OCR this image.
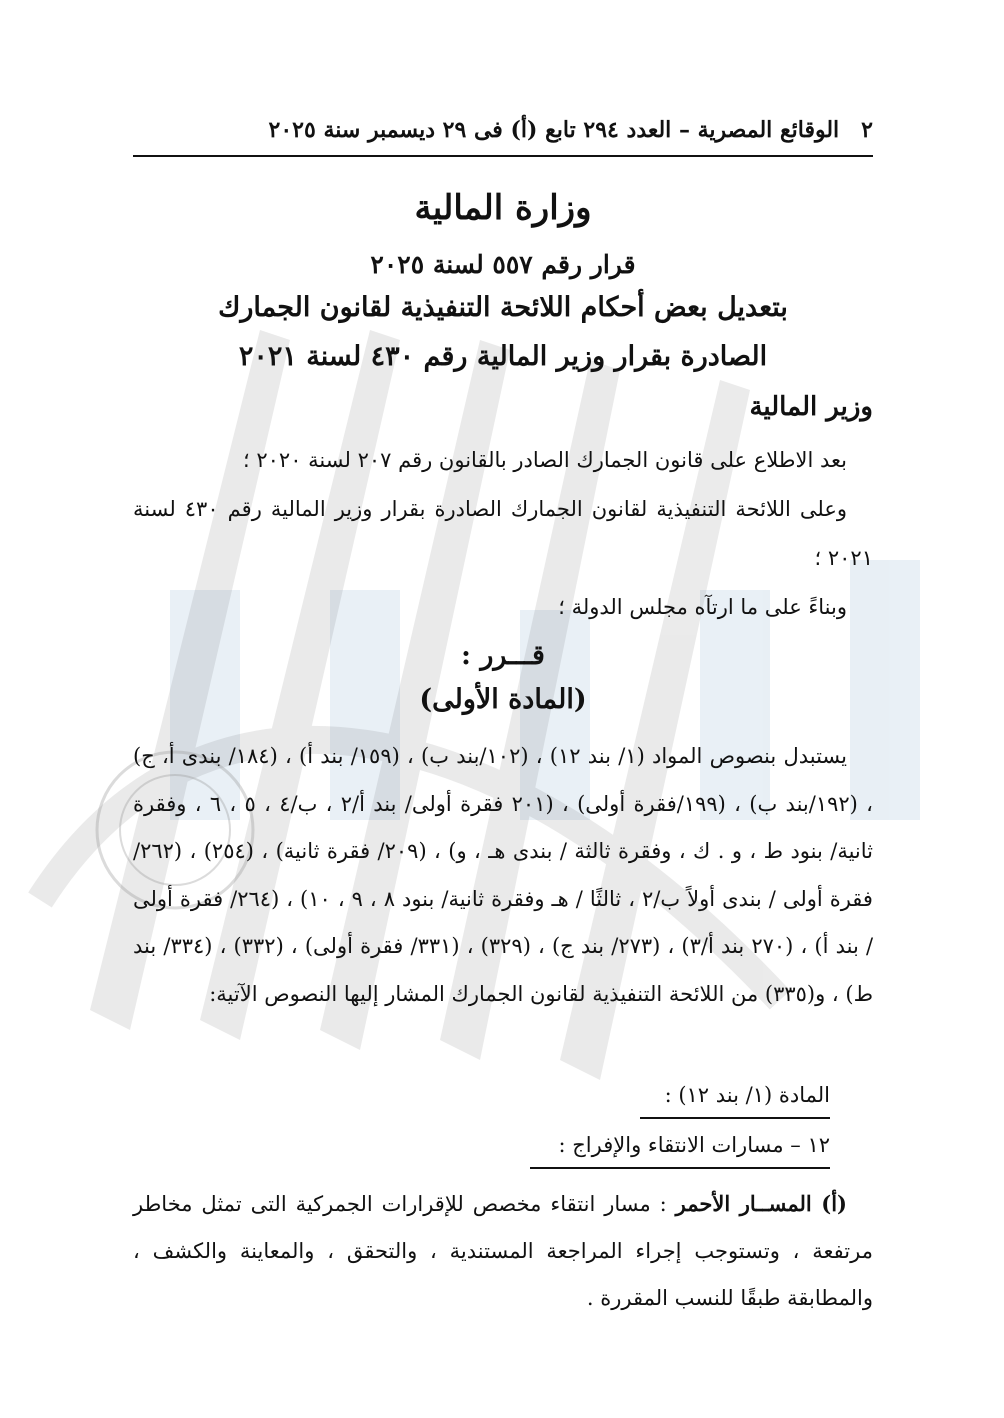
٢
الوقائع المصرية – العدد ٢٩٤ تابع (أ) فى ٢٩ ديسمبر سنة ٢٠٢٥
وزارة المالية
قرار رقم ٥٥٧ لسنة ٢٠٢٥
بتعديل بعض أحكام اللائحة التنفيذية لقانون الجمارك
الصادرة بقرار وزير المالية رقم ٤٣٠ لسنة ٢٠٢١
وزير المالية
بعد الاطلاع على قانون الجمارك الصادر بالقانون رقم ٢٠٧ لسنة ٢٠٢٠ ؛
وعلى اللائحة التنفيذية لقانون الجمارك الصادرة بقرار وزير المالية رقم ٤٣٠ لسنة ٢٠٢١ ؛
وبناءً على ما ارتآه مجلس الدولة ؛
قـــرر :
(المادة الأولى)
يستبدل بنصوص المواد (١/ بند ١٢) ، (١٠٢/بند ب) ، (١٥٩/ بند أ) ، (١٨٤/ بندى أ، ج) ، (١٩٢/بند ب) ، (١٩٩/فقرة أولى) ، (٢٠١ فقرة أولى/ بند أ/٢ ، ب/٤ ، ٥ ، ٦ ، وفقرة ثانية/ بنود ط ، و . ك ، وفقرة ثالثة / بندى هـ ، و) ، (٢٠٩/ فقرة ثانية) ، (٢٥٤) ، (٢٦٢/ فقرة أولى / بندى أولاً ب/٢ ، ثالثًا / هـ وفقرة ثانية/ بنود ٨ ، ٩ ، ١٠) ، (٢٦٤/ فقرة أولى / بند أ) ، (٢٧٠ بند أ/٣) ، (٢٧٣/ بند ج) ، (٣٢٩) ، (٣٣١/ فقرة أولى) ، (٣٣٢) ، (٣٣٤/ بند ط) ، و(٣٣٥) من اللائحة التنفيذية لقانون الجمارك المشار إليها النصوص الآتية:
المادة (١/ بند ١٢) :
١٢ – مسارات الانتقاء والإفراج :
(أ) المســار الأحمر : مسار انتقاء مخصص للإقرارات الجمركية التى تمثل مخاطر مرتفعة ، وتستوجب إجراء المراجعة المستندية ، والتحقق ، والمعاينة والكشف ، والمطابقة طبقًا للنسب المقررة .
